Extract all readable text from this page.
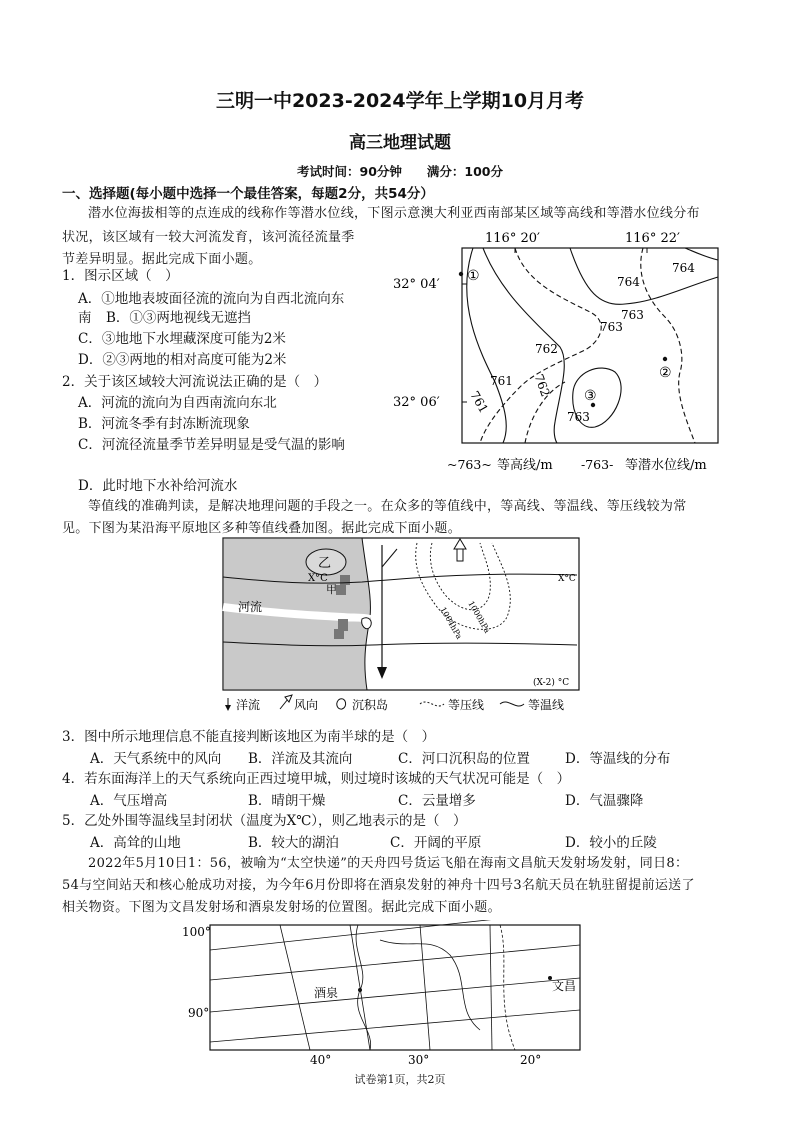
三明一中2023-2024学年上学期10月月考
高三地理试题
考试时间：90分钟　　满分：100分
一、选择题(每小题中选择一个最佳答案，每题2分，共54分）
潜水位海拔相等的点连成的线称作等潜水位线，下图示意澳大利亚西南部某区域等高线和等潜水位线分布
状况，该区域有一较大河流发育，该河流径流量季
节差异明显。据此完成下面小题。
1．图示区域（　）
A．①地地表坡面径流的流向为自西北流向东
南 B．①③两地视线无遮挡
C．③地地下水埋藏深度可能为2米
D．②③两地的相对高度可能为2米
2．关于该区域较大河流说法正确的是（　）
A．河流的流向为自西南流向东北
B．河流冬季有封冻断流现象
C．河流径流量季节差异明显是受气温的影响
D．此时地下水补给河流水
116° 20′	116° 22′
32° 04′
32° 06′
①
②
③
764
764
763
763
763
762
762
761
761
~763~ 等高线/m -763- 等潜水位线/m
等值线的准确判读，是解决地理问题的手段之一。在众多的等值线中，等高线、等温线、等压线较为常
见。下图为某沿海平原地区多种等值线叠加图。据此完成下面小题。
乙
X°C
甲
河流
X°C
1000hPa
1004hPa
(X-2) °C
洋流	风向	沉积岛	等压线	等温线
3．图中所示地理信息不能直接判断该地区为南半球的是（　）
A．天气系统中的风向 B．洋流及其流向	C．河口沉积岛的位置	D．等温线的分布
4．若东面海洋上的天气系统向正西过境甲城，则过境时该城的天气状况可能是（　）
A．气压增高	B．晴朗干燥	C．云量增多	D．气温骤降
5．乙处外围等温线呈封闭状（温度为X℃），则乙地表示的是（　）
A．高耸的山地	B．较大的湖泊	C．开阔的平原	D．较小的丘陵
2022年5月10日1：56，被喻为“太空快递”的天舟四号货运飞船在海南文昌航天发射场发射，同日8：
54与空间站天和核心舱成功对接，为今年6月份即将在酒泉发射的神舟十四号3名航天员在轨驻留提前运送了
相关物资。下图为文昌发射场和酒泉发射场的位置图。据此完成下面小题。
100°
90°
酒泉	文昌
40°	30°	20°
试卷第1页，共2页
